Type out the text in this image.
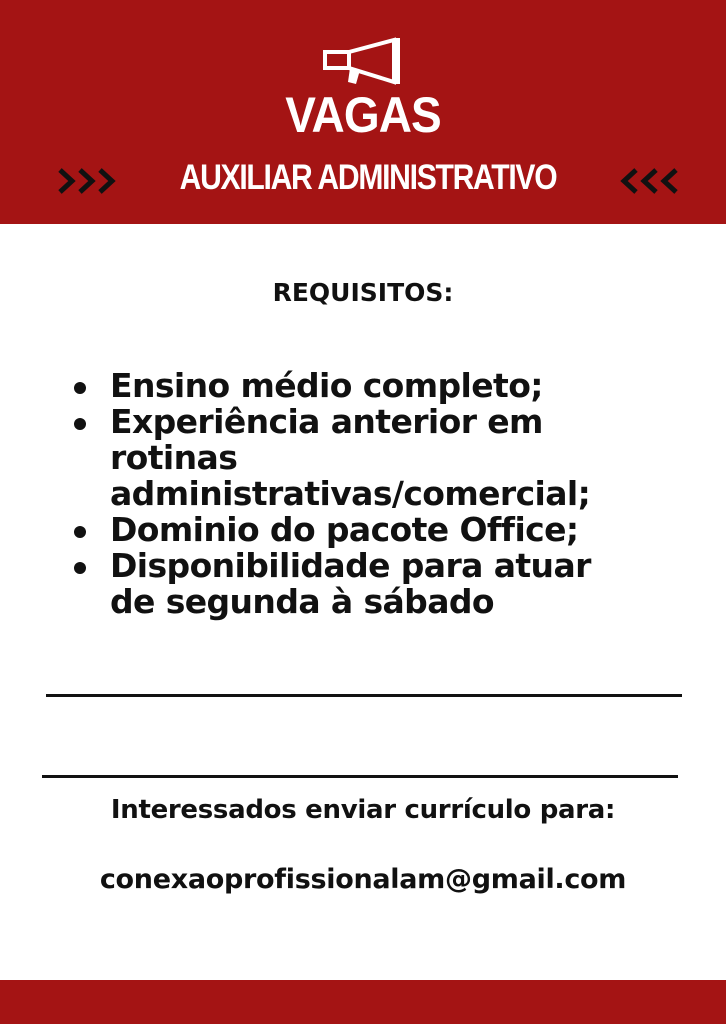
VAGAS
AUXILIAR ADMINISTRATIVO
REQUISITOS:
Ensino médio completo;
Experiência anterior em
rotinas
administrativas/comercial;
Dominio do pacote Office;
Disponibilidade para atuar
de segunda à sábado
Interessados enviar currículo para:
conexaoprofissionalam@gmail.com
